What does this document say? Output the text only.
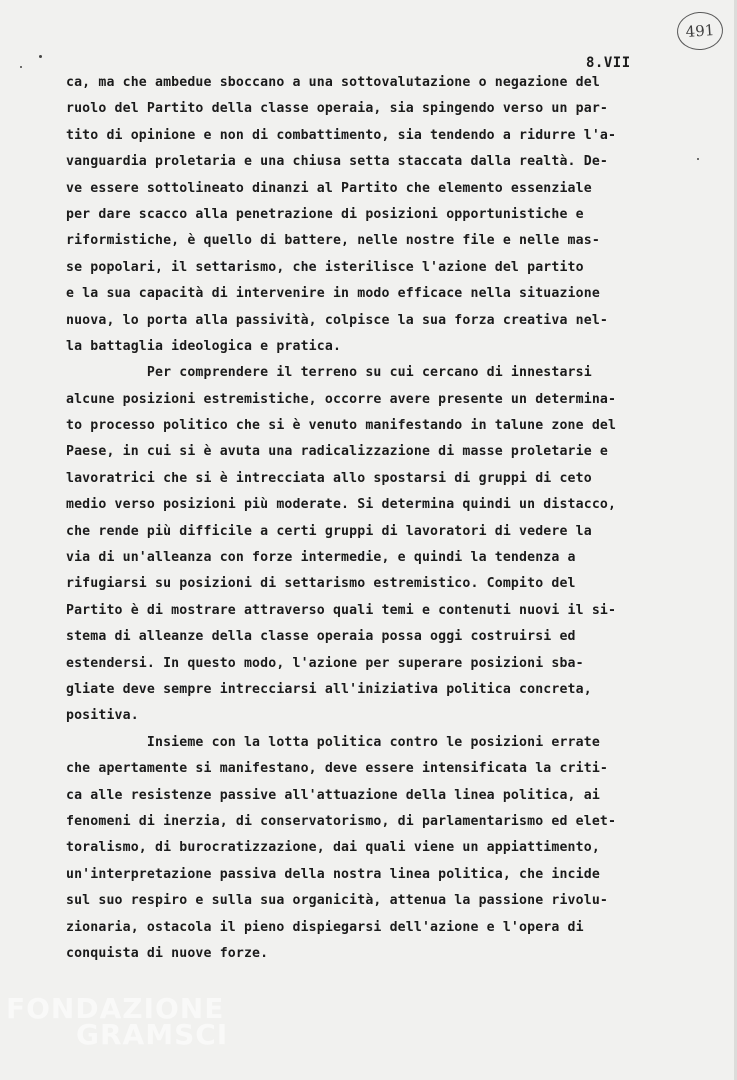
491
8.VII
ca, ma che ambedue sboccano a una sottovalutazione o negazione del
ruolo del Partito della classe operaia, sia spingendo verso un par-
tito di opinione e non di combattimento, sia tendendo a ridurre l'a-
vanguardia proletaria e una chiusa setta staccata dalla realtà. De-
ve essere sottolineato dinanzi al Partito che elemento essenziale
per dare scacco alla penetrazione di posizioni opportunistiche e
riformistiche, è quello di battere, nelle nostre file e nelle mas-
se popolari, il settarismo, che isterilisce l'azione del partito
e la sua capacità di intervenire in modo efficace nella situazione
nuova, lo porta alla passività, colpisce la sua forza creativa nel-
la battaglia ideologica e pratica.
Per comprendere il terreno su cui cercano di innestarsi
alcune posizioni estremistiche, occorre avere presente un determina-
to processo politico che si è venuto manifestando in talune zone del
Paese, in cui si è avuta una radicalizzazione di masse proletarie e
lavoratrici che si è intrecciata allo spostarsi di gruppi di ceto
medio verso posizioni più moderate. Si determina quindi un distacco,
che rende più difficile a certi gruppi di lavoratori di vedere la
via di un'alleanza con forze intermedie, e quindi la tendenza a
rifugiarsi su posizioni di settarismo estremistico. Compito del
Partito è di mostrare attraverso quali temi e contenuti nuovi il si-
stema di alleanze della classe operaia possa oggi costruirsi ed
estendersi. In questo modo, l'azione per superare posizioni sba-
gliate deve sempre intrecciarsi all'iniziativa politica concreta,
positiva.
Insieme con la lotta politica contro le posizioni errate
che apertamente si manifestano, deve essere intensificata la criti-
ca alle resistenze passive all'attuazione della linea politica, ai
fenomeni di inerzia, di conservatorismo, di parlamentarismo ed elet-
toralismo, di burocratizzazione, dai quali viene un appiattimento,
un'interpretazione passiva della nostra linea politica, che incide
sul suo respiro e sulla sua organicità, attenua la passione rivolu-
zionaria, ostacola il pieno dispiegarsi dell'azione e l'opera di
conquista di nuove forze.
FONDAZIONE
GRAMSCI
